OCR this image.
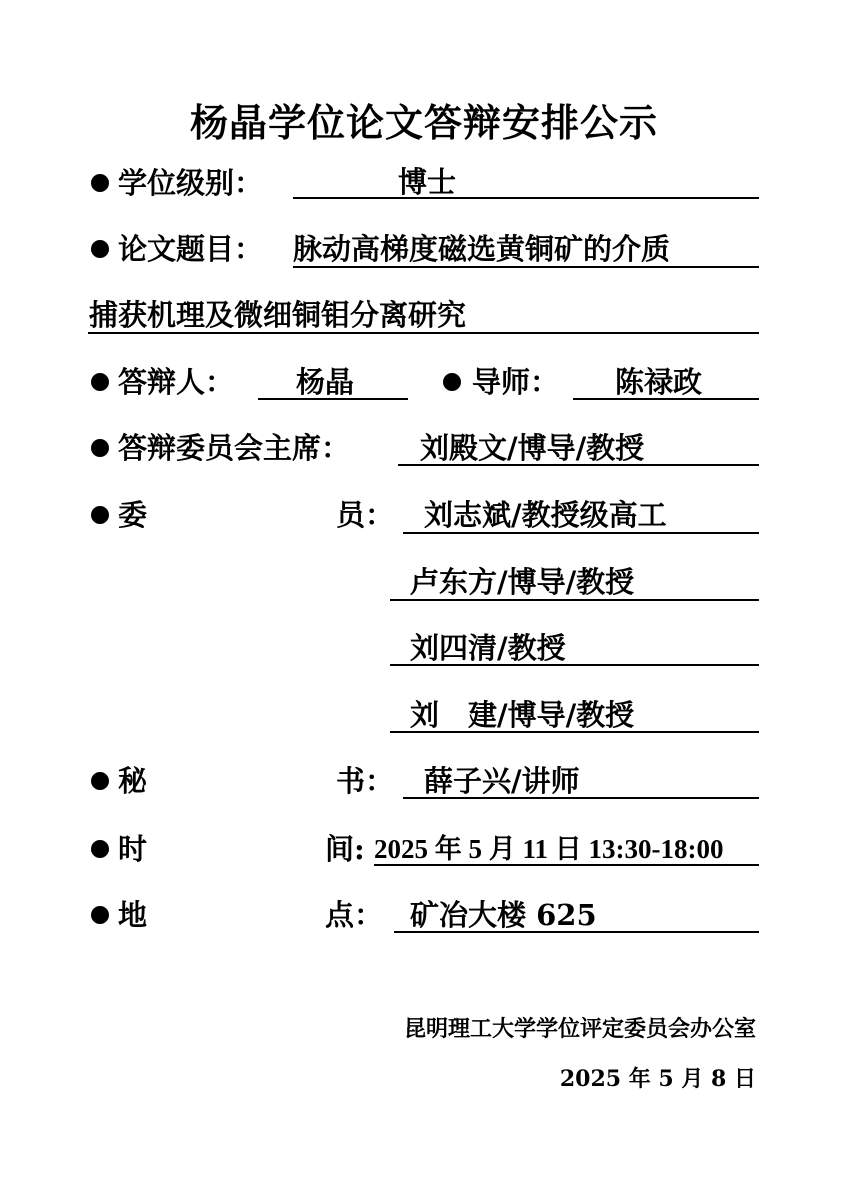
杨晶学位论文答辩安排公示
学位级别：	博士
论文题目： 脉动高梯度磁选黄铜矿的介质
捕获机理及微细铜钼分离研究
答辩人： 杨晶	导师： 陈禄政
答辩委员会主席： 刘殿文/博导/教授
委	员： 刘志斌/教授级高工
卢东方/博导/教授
刘四清/教授
刘　建/博导/教授
秘	书： 薛子兴/讲师
时	间: 2025 年 5 月 11 日 13:30-18:00
地	点： 矿冶大楼 625
昆明理工大学学位评定委员会办公室
2025 年 5 月 8 日
